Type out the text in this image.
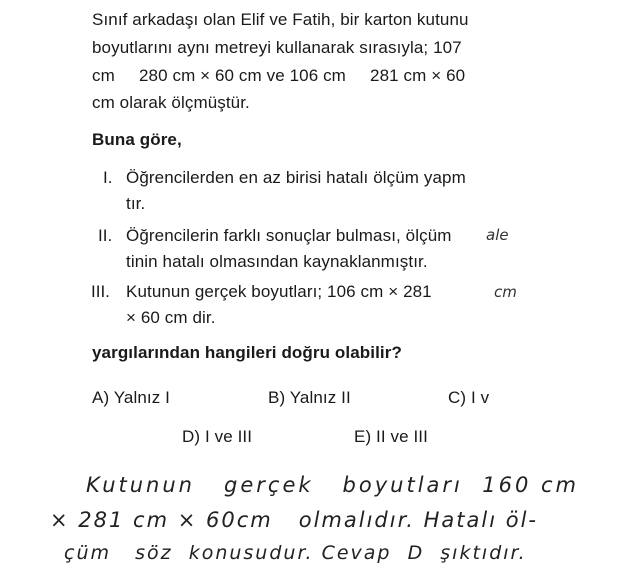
Sınıf arkadaşı olan Elif ve Fatih, bir karton kutunu
boyutlarını aynı metreyi kullanarak sırasıyla; 107
cm     280 cm × 60 cm ve 106 cm     281 cm × 60
cm olarak ölçmüştür.
Buna göre,
I. Öğrencilerden en az birisi hatalı ölçüm yapm
tır.
II. Öğrencilerin farklı sonuçlar bulması, ölçüm ale
tinin hatalı olmasından kaynaklanmıştır.
III. Kutunun gerçek boyutları; 106 cm × 281	cm
× 60 cm dir.
yargılarından hangileri doğru olabilir?
A) Yalnız I	B) Yalnız II	C) I v
D) I ve III	E) II ve III
Kutunun   gerçek   boyutları  160 cm
× 281 cm × 60cm   olmalıdır. Hatalı öl-
çüm   söz  konusudur. Cevap  D  şıktıdır.
